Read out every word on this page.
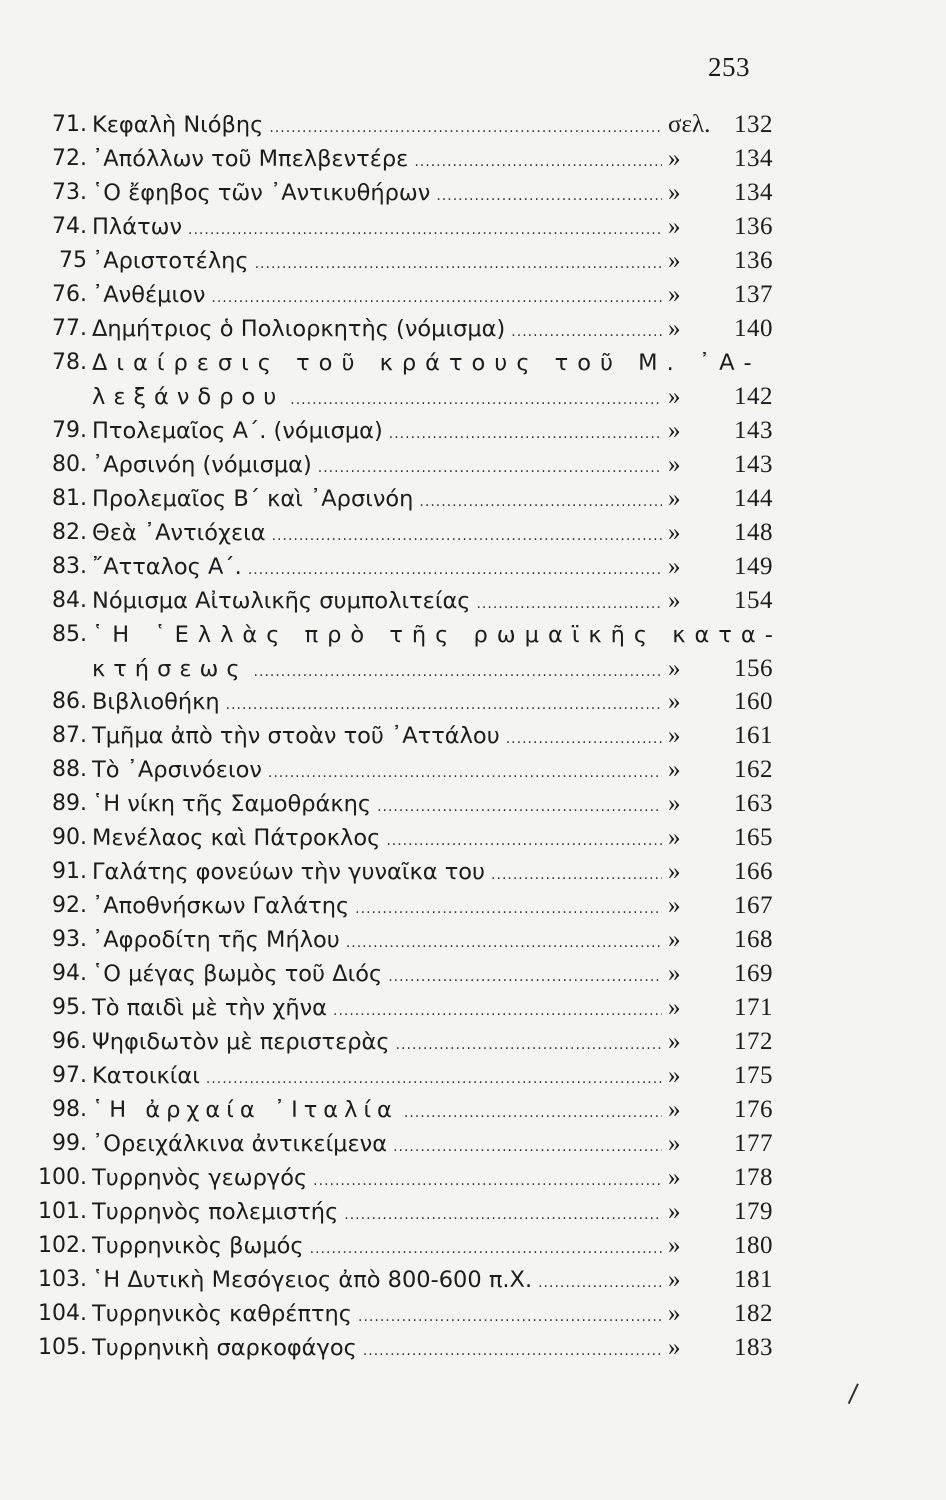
253
71. Κεφαλὴ Νιόβης .....	σελ. 132
72. ᾿Απόλλων τοῦ Μπελβεντέρε .....	» 134
73. ῾Ο ἔφηβος τῶν ᾿Αντικυθήρων .....	» 134
74. Πλάτων .....	» 136
75 ᾿Αριστοτέλης .....	» 136
76. ᾿Ανθέμιον .....	» 137
77. Δημήτριος ὁ Πολιορκητὴς (νόμισμα) .....	» 140
78. Διαίρεσις τοῦ κράτους τοῦ Μ. ᾿Α-
λεξάνδρου .....	» 142
79. Πτολεμαῖος Α΄. (νόμισμα) .....	» 143
80. ᾿Αρσινόη (νόμισμα) .....	» 143
81. Προλεμαῖος Β΄ καὶ ᾿Αρσινόη .....	» 144
82. Θεὰ ᾿Αντιόχεια .....	» 148
83. ῎Ατταλος Α΄. .....	» 149
84. Νόμισμα Αἰτωλικῆς συμπολιτείας .....	» 154
85. ῾Η ῾Ελλὰς πρὸ τῆς ρωμαϊκῆς κατα-
κτήσεως .....	» 156
86. Βιβλιοθήκη .....	» 160
87. Τμῆμα ἀπὸ τὴν στοὰν τοῦ ᾿Αττάλου .....	» 161
88. Τὸ ᾿Αρσινόειον .....	» 162
89. ῾Η νίκη τῆς Σαμοθράκης .....	» 163
90. Μενέλαος καὶ Πάτροκλος .....	» 165
91. Γαλάτης φονεύων τὴν γυναῖκα του .....	» 166
92. ᾿Αποθνήσκων Γαλάτης .....	» 167
93. ᾿Αφροδίτη τῆς Μήλου .....	» 168
94. ῾Ο μέγας βωμὸς τοῦ Διός .....	» 169
95. Τὸ παιδὶ μὲ τὴν χῆνα .....	» 171
96. Ψηφιδωτὸν μὲ περιστερὰς .....	» 172
97. Κατοικίαι .....	» 175
98. ῾Η ἀρχαία ᾿Ιταλία .....	» 176
99. ᾿Ορειχάλκινα ἀντικείμενα .....	» 177
100. Τυρρηνὸς γεωργός .....	» 178
101. Τυρρηνὸς πολεμιστής .....	» 179
102. Τυρρηνικὸς βωμός .....	» 180
103. ῾Η Δυτικὴ Μεσόγειος ἀπὸ 800-600 π.Χ. .....	» 181
104. Τυρρηνικὸς καθρέπτης .....	» 182
105. Τυρρηνικὴ σαρκοφάγος .....	» 183
